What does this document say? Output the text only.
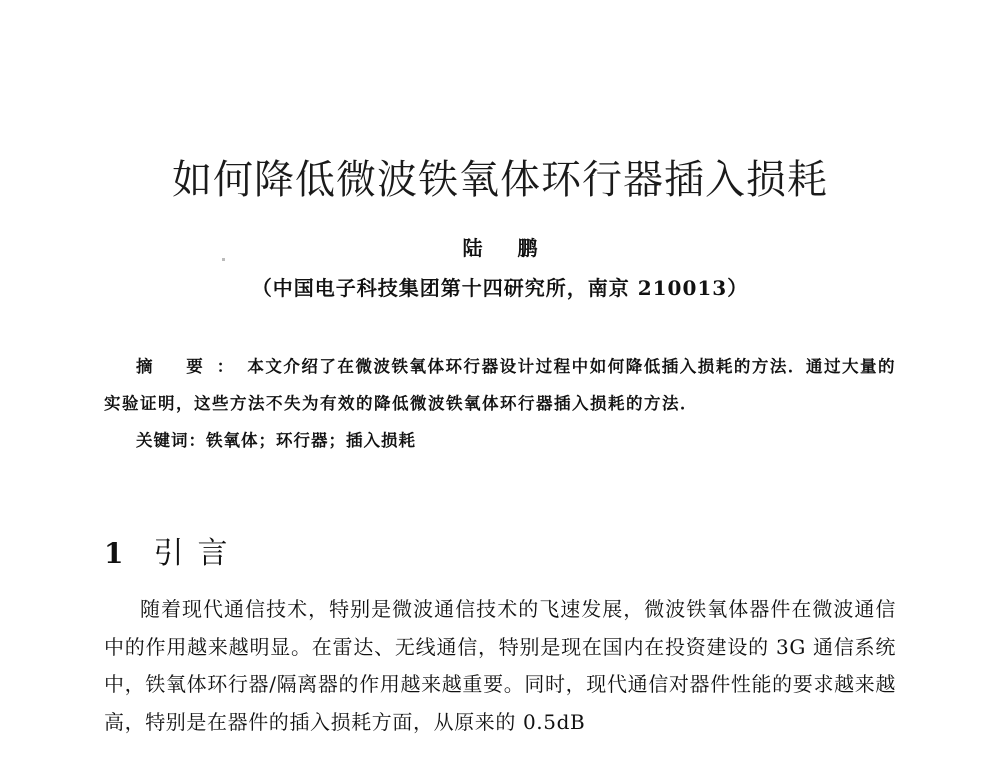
如何降低微波铁氧体环行器插入损耗
陆 鹏
（中国电子科技集团第十四研究所，南京 210013）

摘 要：本文介绍了在微波铁氧体环行器设计过程中如何降低插入损耗的方法．通过大量的实验证明，这些方法不失为有效的降低微波铁氧体环行器插入损耗的方法．

关键词：铁氧体；环行器；插入损耗
1 引言

随着现代通信技术，特别是微波通信技术的飞速发展，微波铁氧体器件在微波通信中的作用越来越明显。在雷达、无线通信，特别是现在国内在投资建设的 3G 通信系统中，铁氧体环行器/隔离器的作用越来越重要。同时，现代通信对器件性能的要求越来越高，特别是在器件的插入损耗方面，从原来的 0.5dB
